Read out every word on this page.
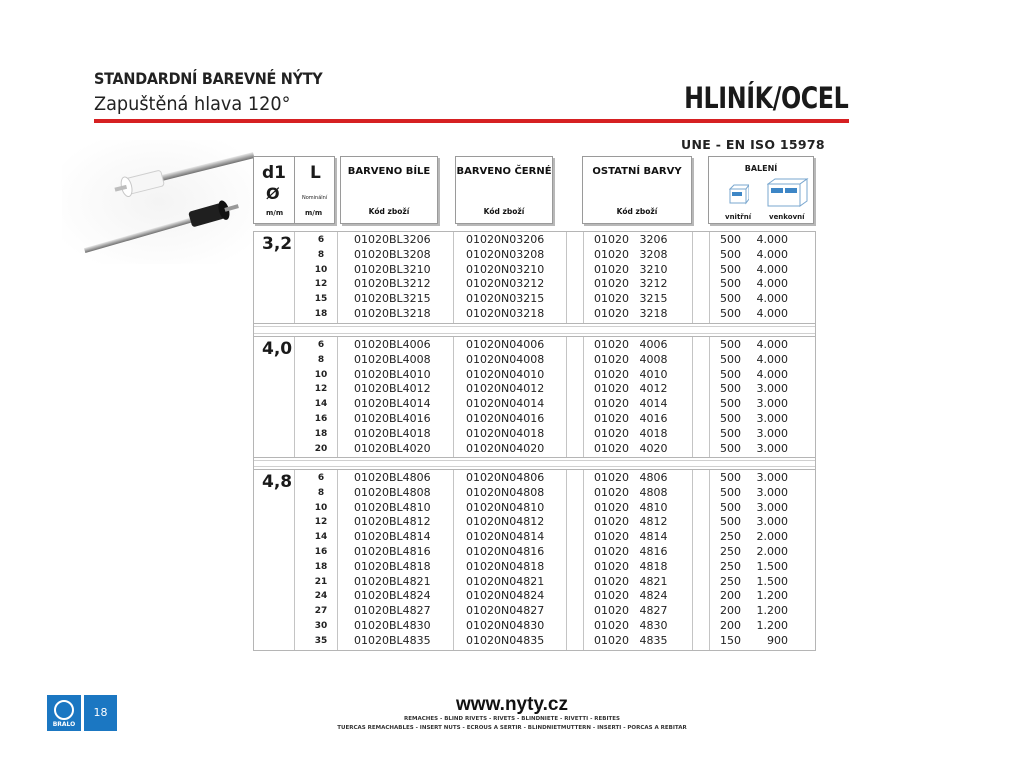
STANDARDNÍ BAREVNÉ NÝTY
Zapuštěná hlava 120°	HLINÍK/OCEL
UNE - EN ISO 15978
d1
Ø
m/m
L
Nominální
m/m
BARVENO BÍLE
Kód zboží
BARVENO ČERNÉ
Kód zboží
OSTATNÍ BARVY
Kód zboží
BALENÍ
vnitřní	venkovní
3,2	6	01020BL3206	01020N03206	01020   3206	500	4.000
8	01020BL3208	01020N03208	01020   3208	500	4.000
10	01020BL3210	01020N03210	01020   3210	500	4.000
12	01020BL3212	01020N03212	01020   3212	500	4.000
15	01020BL3215	01020N03215	01020   3215	500	4.000
18	01020BL3218	01020N03218	01020   3218	500	4.000
4,0	6	01020BL4006	01020N04006	01020   4006	500	4.000
8	01020BL4008	01020N04008	01020   4008	500	4.000
10	01020BL4010	01020N04010	01020   4010	500	4.000
12	01020BL4012	01020N04012	01020   4012	500	3.000
14	01020BL4014	01020N04014	01020   4014	500	3.000
16	01020BL4016	01020N04016	01020   4016	500	3.000
18	01020BL4018	01020N04018	01020   4018	500	3.000
20	01020BL4020	01020N04020	01020   4020	500	3.000
4,8	6	01020BL4806	01020N04806	01020   4806	500	3.000
8	01020BL4808	01020N04808	01020   4808	500	3.000
10	01020BL4810	01020N04810	01020   4810	500	3.000
12	01020BL4812	01020N04812	01020   4812	500	3.000
14	01020BL4814	01020N04814	01020   4814	250	2.000
16	01020BL4816	01020N04816	01020   4816	250	2.000
18	01020BL4818	01020N04818	01020   4818	250	1.500
21	01020BL4821	01020N04821	01020   4821	250	1.500
24	01020BL4824	01020N04824	01020   4824	200	1.200
27	01020BL4827	01020N04827	01020   4827	200	1.200
30	01020BL4830	01020N04830	01020   4830	200	1.200
35	01020BL4835	01020N04835	01020   4835	150	900
BRALO
18	www.nyty.cz
REMACHES - BLIND RIVETS - RIVETS - BLINDNIETE - RIVETTI - REBITES
TUERCAS REMACHABLES - INSERT NUTS - ECROUS A SERTIR - BLINDNIETMUTTERN - INSERTI - PORCAS A REBITAR
